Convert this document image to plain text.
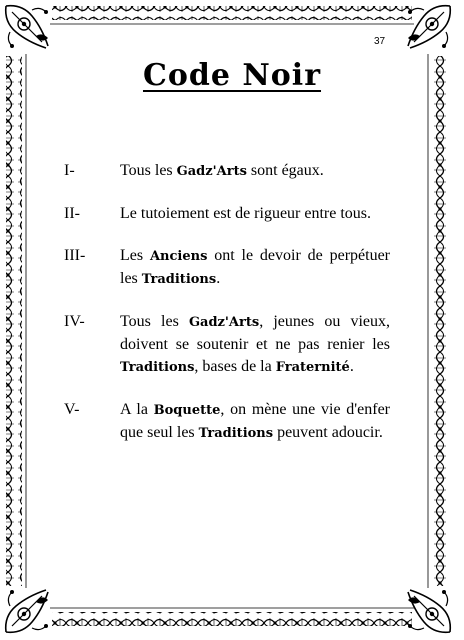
37
Code Noir
I-	Tous les Gadz'Arts sont égaux.
II-	Le tutoiement est de rigueur entre tous.
III-	Les Anciens ont le devoir de perpétuer les Traditions.
IV-	Tous les Gadz'Arts, jeunes ou vieux, doivent se soutenir et ne pas renier les Traditions, bases de la Fraternité.
V-	A la Boquette, on mène une vie d'enfer que seul les Traditions peuvent adoucir.
